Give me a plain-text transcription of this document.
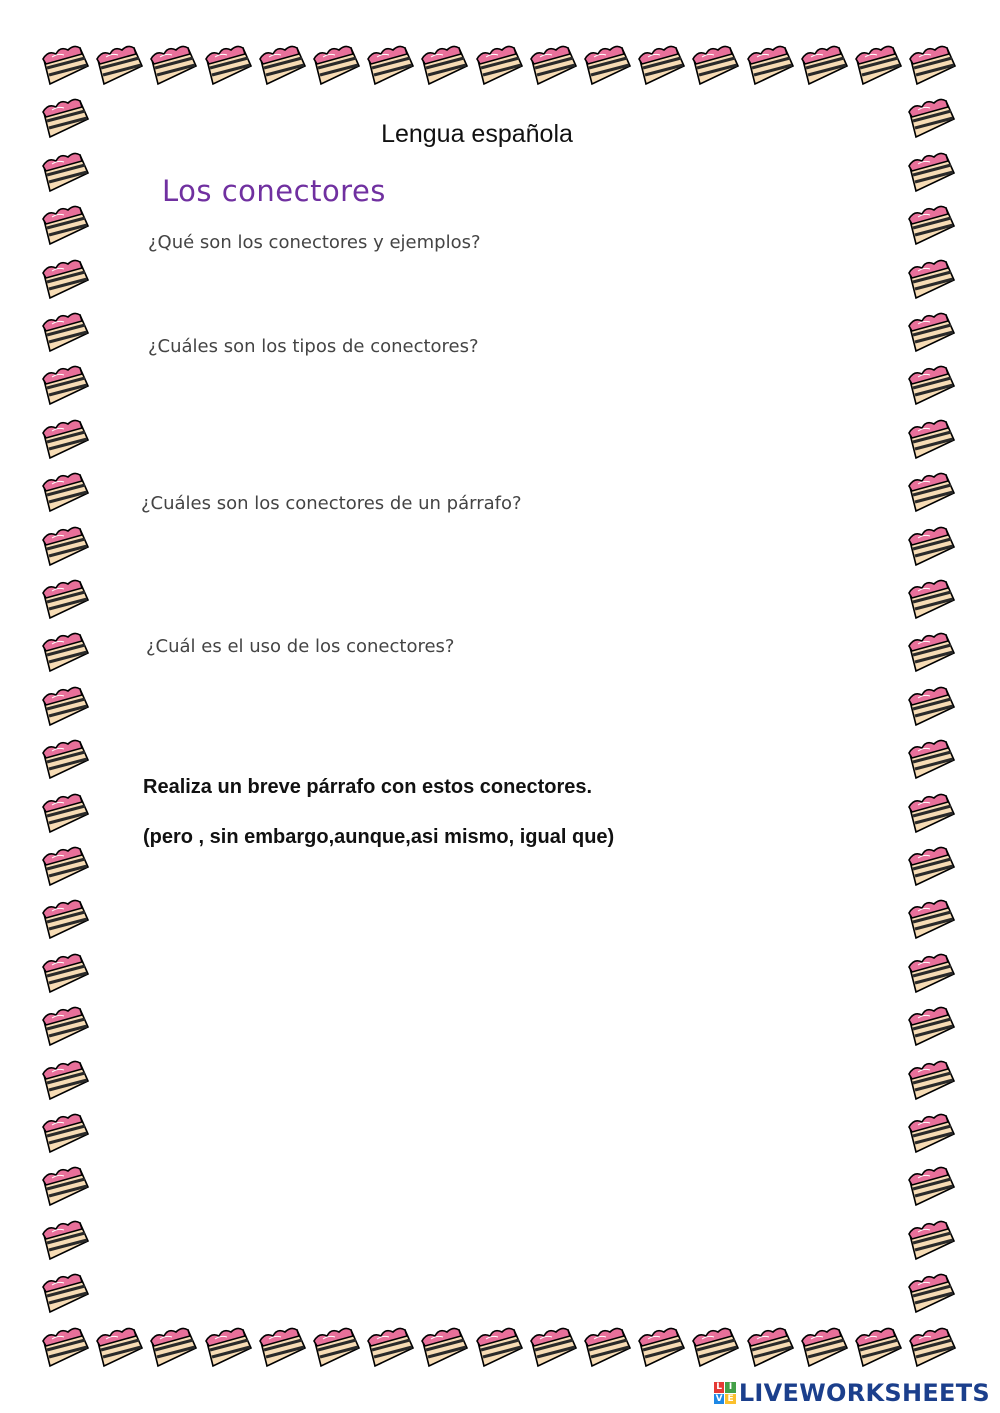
Lengua española
Los conectores
¿Qué son los conectores y ejemplos?
¿Cuáles son los tipos de conectores?
¿Cuáles son los conectores de un párrafo?
¿Cuál es el uso de los conectores?
Realiza un breve párrafo con estos conectores.
(pero , sin embargo,aunque,asi mismo, igual que)
L I
V E LIVEWORKSHEETS
